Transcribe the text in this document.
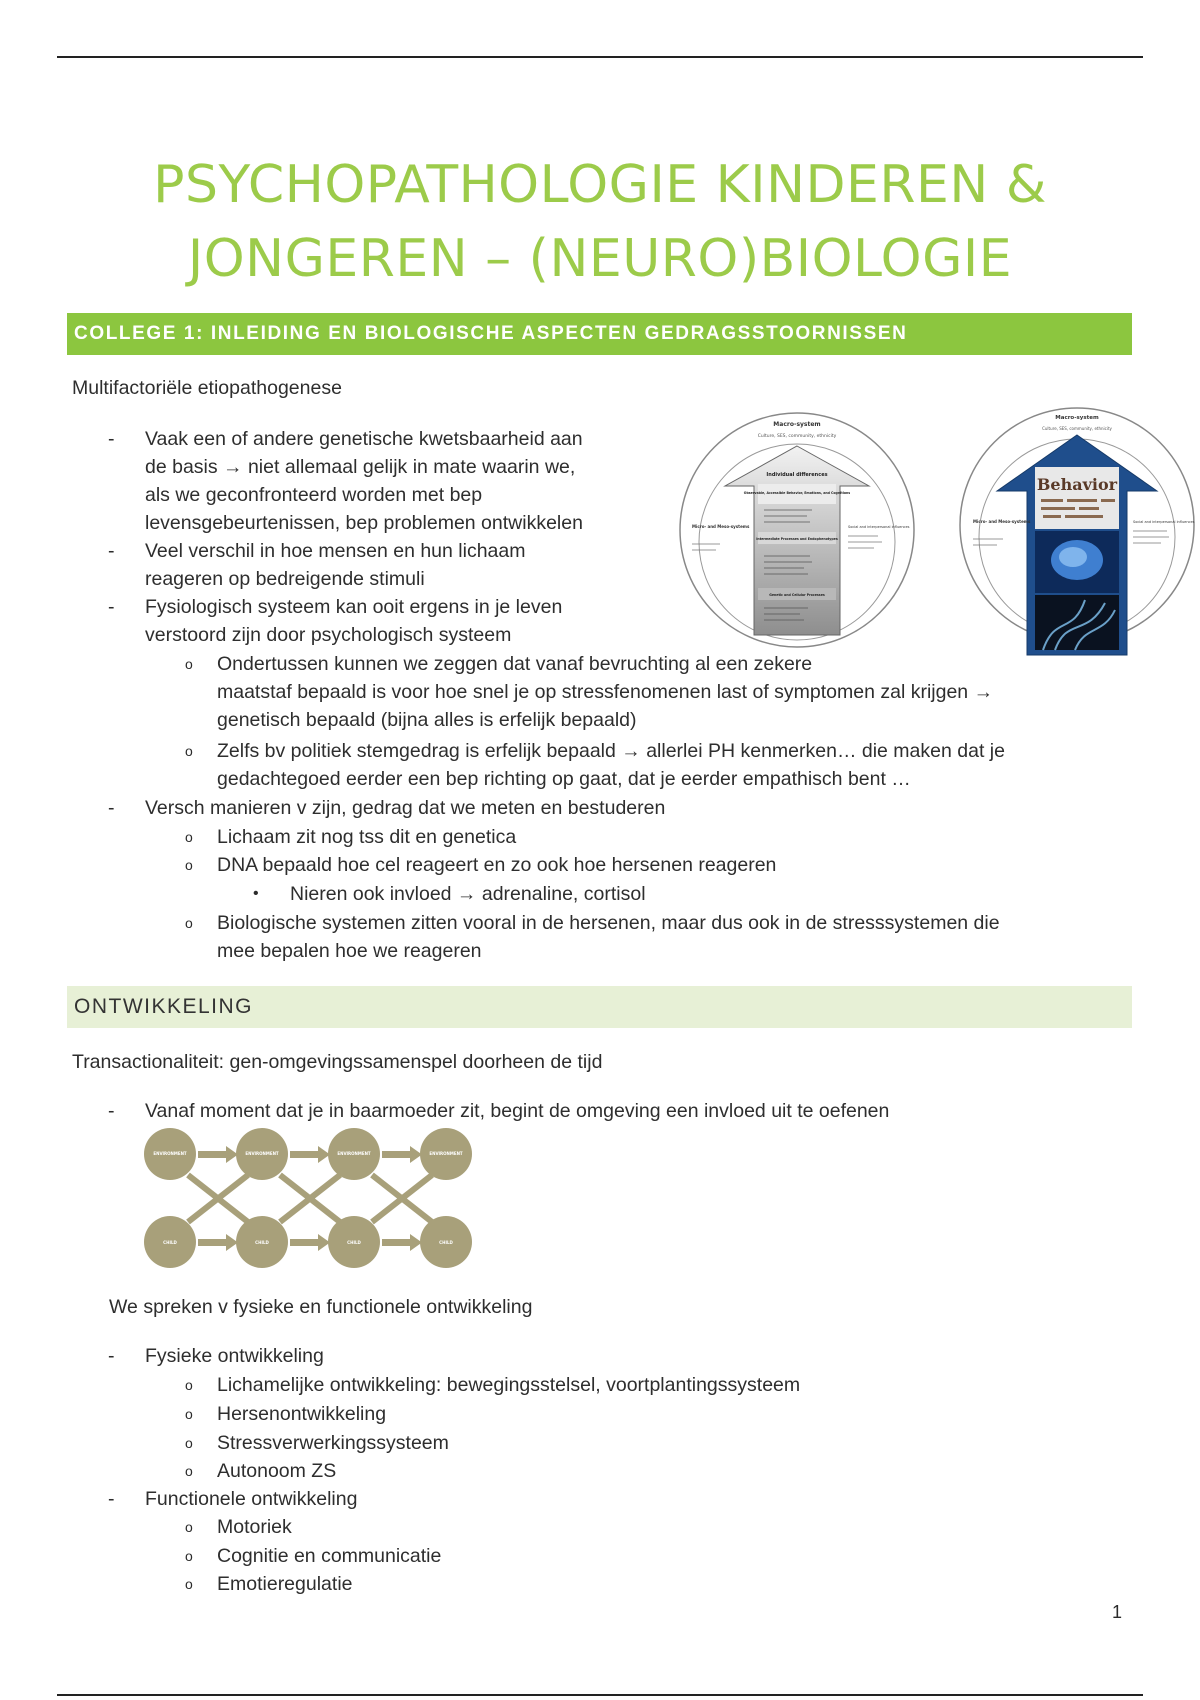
PSYCHOPATHOLOGIE KINDEREN &
JONGEREN – (NEURO)BIOLOGIE
COLLEGE 1: INLEIDING EN BIOLOGISCHE ASPECTEN GEDRAGSSTOORNISSEN
Multifactoriële etiopathogenese
- Vaak een of andere genetische kwetsbaarheid aan
de basis → niet allemaal gelijk in mate waarin we,
als we geconfronteerd worden met bep
levensgebeurtenissen, bep problemen ontwikkelen
- Veel verschil in hoe mensen en hun lichaam
reageren op bedreigende stimuli
- Fysiologisch systeem kan ooit ergens in je leven
verstoord zijn door psychologisch systeem
o Ondertussen kunnen we zeggen dat vanaf bevruchting al een zekere
maatstaf bepaald is voor hoe snel je op stressfenomenen last of symptomen zal krijgen →
genetisch bepaald (bijna alles is erfelijk bepaald)
o Zelfs bv politiek stemgedrag is erfelijk bepaald → allerlei PH kenmerken… die maken dat je
gedachtegoed eerder een bep richting op gaat, dat je eerder empathisch bent …
- Versch manieren v zijn, gedrag dat we meten en bestuderen
o Lichaam zit nog tss dit en genetica
o DNA bepaald hoe cel reageert en zo ook hoe hersenen reageren
• Nieren ook invloed → adrenaline, cortisol
o Biologische systemen zitten vooral in de hersenen, maar dus ook in de stresssystemen die
mee bepalen hoe we reageren
Macro-system
Culture, SES, community, ethnicity
Individual differences
Observable, Accessible Behavior, Emotions, and Cognitions
Intermediate Processes and Endophenotypes
Genetic and Cellular Processes
Micro- and Meso-systems	Social and interpersonal influences
Macro-system
Culture, SES, community, ethnicity
Behavior
Micro- and Meso-systems	Social and interpersonal influences
ONTWIKKELING
Transactionaliteit: gen-omgevingssamenspel doorheen de tijd
- Vanaf moment dat je in baarmoeder zit, begint de omgeving een invloed uit te oefenen
ENVIRONMENT	ENVIRONMENT	ENVIRONMENT	ENVIRONMENT
CHILD	CHILD	CHILD	CHILD
We spreken v fysieke en functionele ontwikkeling
- Fysieke ontwikkeling
o Lichamelijke ontwikkeling: bewegingsstelsel, voortplantingssysteem
o Hersenontwikkeling
o Stressverwerkingssysteem
o Autonoom ZS
- Functionele ontwikkeling
o Motoriek
o Cognitie en communicatie
o Emotieregulatie
1
